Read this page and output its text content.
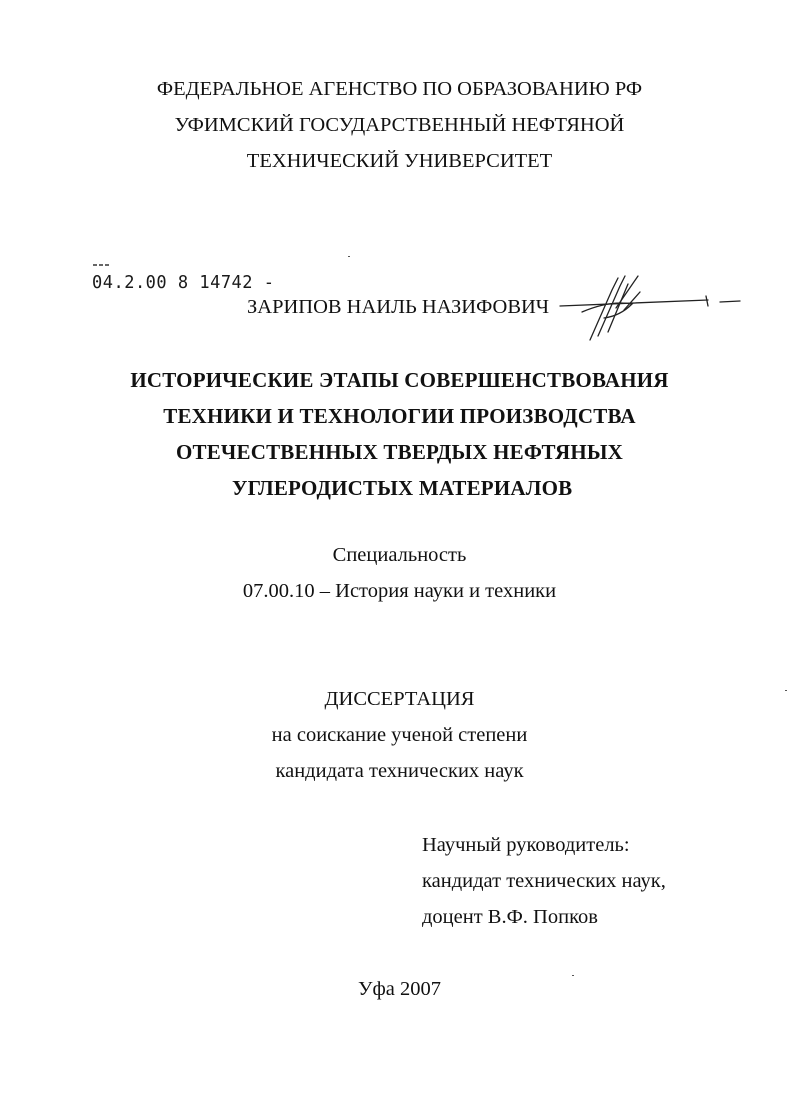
ФЕДЕРАЛЬНОЕ АГЕНСТВО ПО ОБРАЗОВАНИЮ РФ
УФИМСКИЙ ГОСУДАРСТВЕННЫЙ НЕФТЯНОЙ
ТЕХНИЧЕСКИЙ УНИВЕРСИТЕТ
04.2.00 8 14742 -
ЗАРИПОВ НАИЛЬ НАЗИФОВИЧ
ИСТОРИЧЕСКИЕ ЭТАПЫ СОВЕРШЕНСТВОВАНИЯ
ТЕХНИКИ И ТЕХНОЛОГИИ ПРОИЗВОДСТВА
ОТЕЧЕСТВЕННЫХ ТВЕРДЫХ НЕФТЯНЫХ
УГЛЕРОДИСТЫХ МАТЕРИАЛОВ
Специальность
07.00.10 – История науки и техники
ДИССЕРТАЦИЯ
на соискание ученой степени
кандидата технических наук
Научный руководитель:
кандидат технических наук,
доцент В.Ф. Попков
Уфа 2007
